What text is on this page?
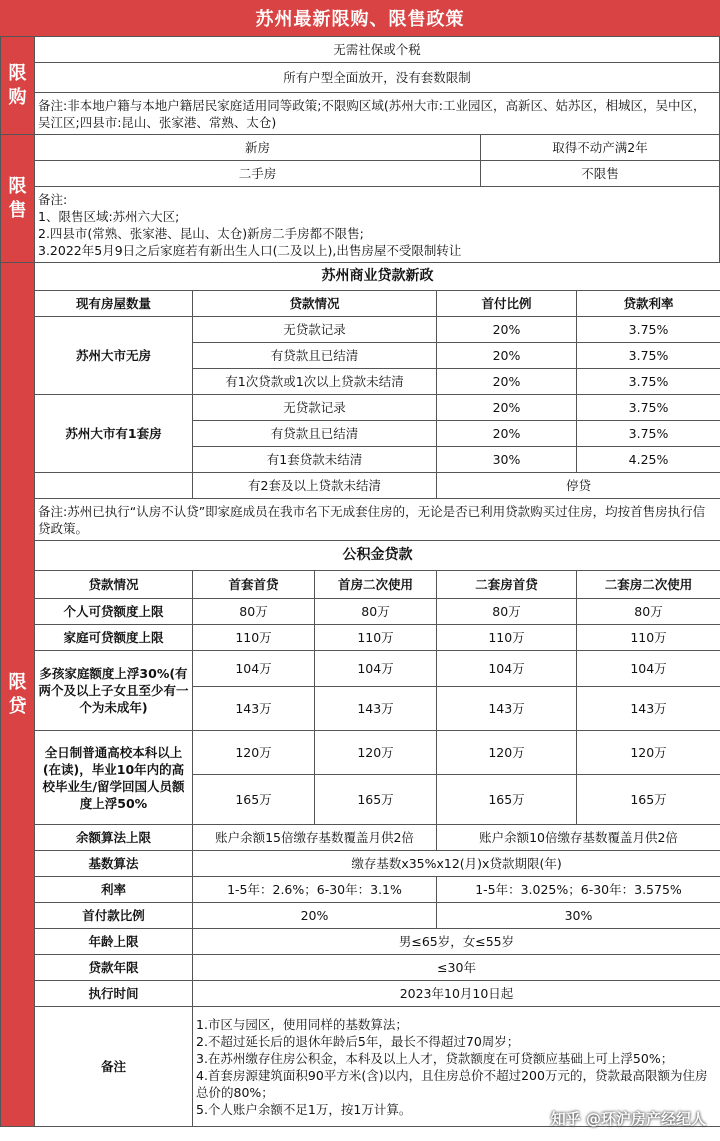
苏州最新限购、限售政策
限购	无需社保或个税
所有户型全面放开，没有套数限制
备注:非本地户籍与本地户籍居民家庭适用同等政策;不限购区域(苏州大市:工业园区，高新区、姑苏区，相城区，吴中区，吴江区;四县市:昆山、张家港、常熟、太仓)
限售	新房	取得不动产满2年
	二手房	不限售

	备注:
1、限售区域:苏州六大区;
2.四县市(常熟、张家港、昆山、太仓)新房二手房都不限售;
3.2022年5月9日之后家庭若有新出生人口(二及以上),出售房屋不受限制转让	
限贷	苏州商业贷款新政				
	现有房屋数量	贷款情况		首付比例	贷款利率
	苏州大市无房	无贷款记录		20%	3.75%
		有贷款且已结清		20%	3.75%
		有1次贷款或1次以上贷款未结清		20%	3.75%
	苏州大市有1套房	无贷款记录		20%	3.75%
		有贷款且已结清		20%	3.75%
		有1套贷款未结清		30%	4.25%
		有2套及以上贷款未结清		停贷	
	备注:苏州已执行“认房不认贷”即家庭成员在我市名下无成套住房的，无论是否已利用贷款购买过住房，均按首售房执行信贷政策。				
	公积金贷款				
	贷款情况	首套首贷	首房二次使用	二套房首贷	二套房二次使用
	个人可贷额度上限	80万	80万	80万	80万
	家庭可贷额度上限	110万	110万	110万	110万
	多孩家庭额度上浮30%(有两个及以上子女且至少有一个为未成年)	104万	104万	104万	104万
		143万	143万	143万	143万
	全日制普通高校本科以上(在读)，毕业10年内的高校毕业生/留学回国人员额度上浮50%	120万	120万	120万	120万
		165万	165万	165万	165万
	余额算法上限	账户余额15倍缴存基数覆盖月供2倍		账户余额10倍缴存基数覆盖月供2倍	
	基数算法	缴存基数x35%x12(月)x贷款期限(年)			
	利率	1-5年：2.6%；6-30年：3.1%		1-5年：3.025%；6-30年：3.575%	
	首付款比例	20%		30%	
	年龄上限	男≤65岁，女≤55岁			
	贷款年限	≤30年			
	执行时间	2023年10月10日起			
	备注	1.市区与园区，使用同样的基数算法；
2.不超过延长后的退休年龄后5年，最长不得超过70周岁；
3.在苏州缴存住房公积金，本科及以上人才，贷款额度在可贷额应基础上可上浮50%；
4.首套房源建筑面积90平方米(含)以内，且住房总价不超过200万元的，贷款最高限额为住房总价的80%；
5.个人账户余额不足1万，按1万计算。			
知乎 @环沪房产经纪人
